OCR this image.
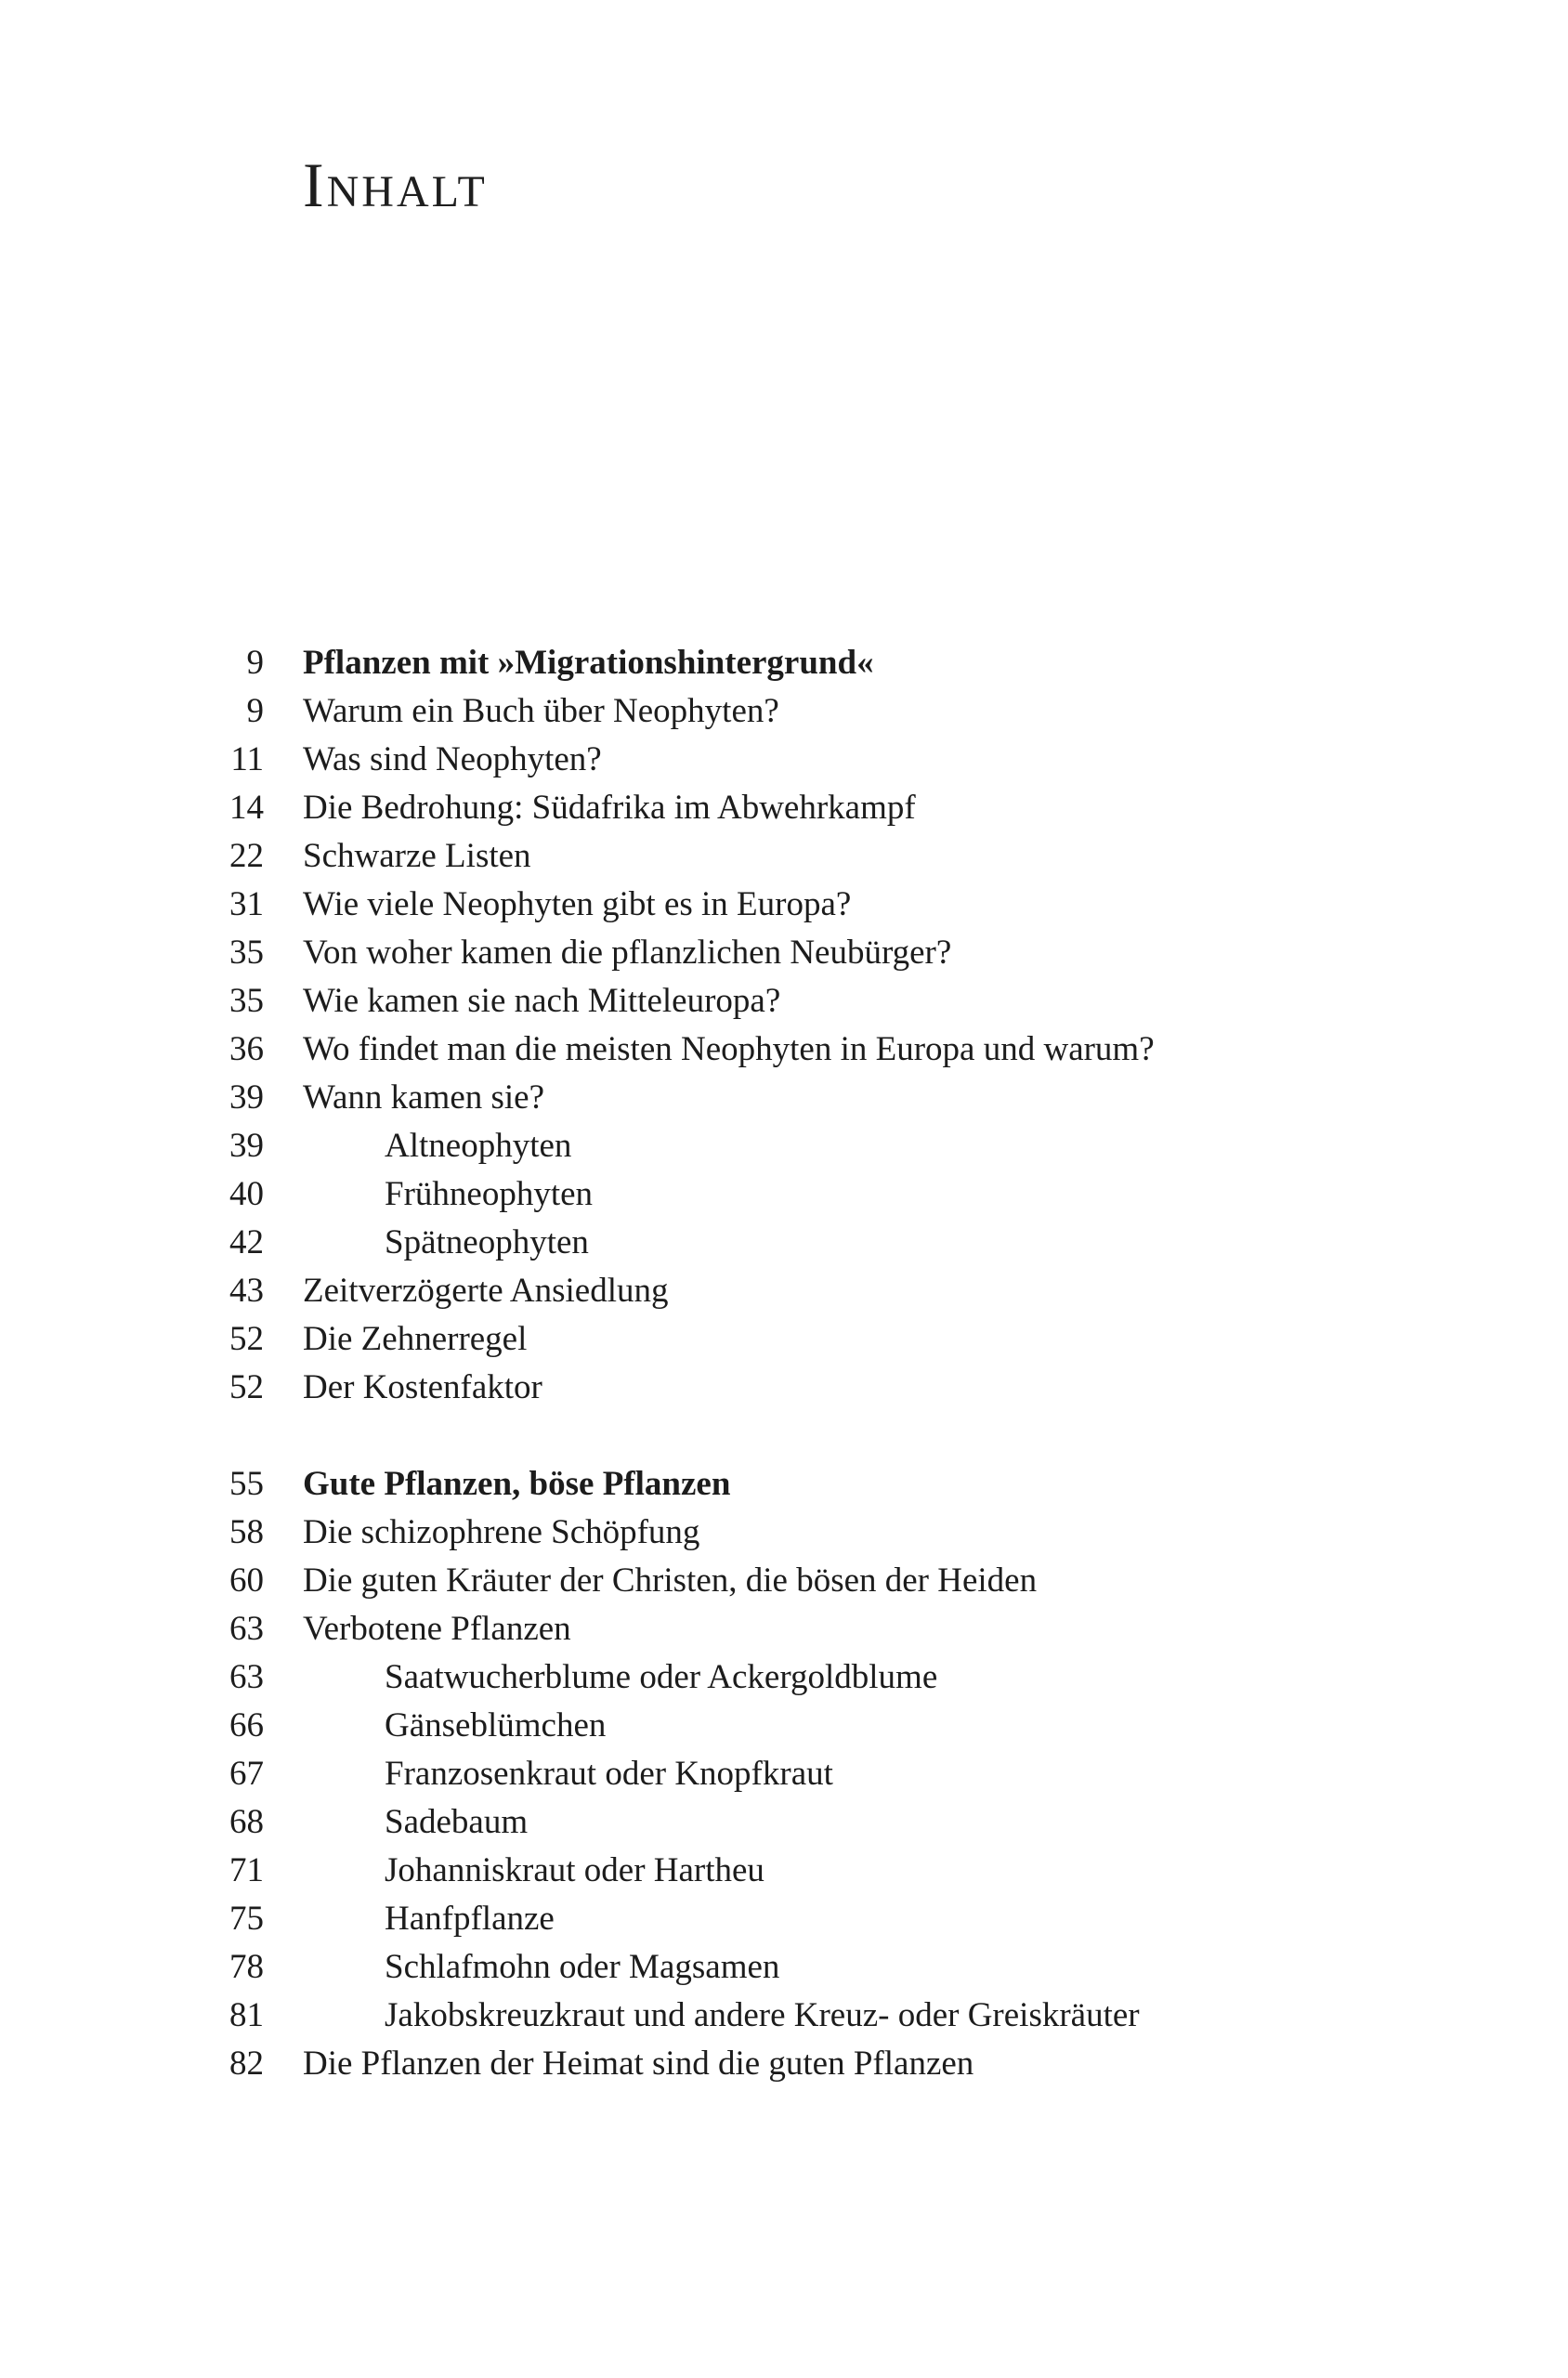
Inhalt
9 Pflanzen mit »Migrationshintergrund«
9 Warum ein Buch über Neophyten?
11 Was sind Neophyten?
14 Die Bedrohung: Südafrika im Abwehrkampf
22 Schwarze Listen
31 Wie viele Neophyten gibt es in Europa?
35 Von woher kamen die pflanzlichen Neubürger?
35 Wie kamen sie nach Mitteleuropa?
36 Wo findet man die meisten Neophyten in Europa und warum?
39 Wann kamen sie?
39	Altneophyten
40	Frühneophyten
42	Spätneophyten
43 Zeitverzögerte Ansiedlung
52 Die Zehnerregel
52 Der Kostenfaktor
55 Gute Pflanzen, böse Pflanzen
58 Die schizophrene Schöpfung
60 Die guten Kräuter der Christen, die bösen der Heiden
63 Verbotene Pflanzen
63	Saatwucherblume oder Ackergoldblume
66	Gänseblümchen
67	Franzosenkraut oder Knopfkraut
68	Sadebaum
71	Johanniskraut oder Hartheu
75	Hanfpflanze
78	Schlafmohn oder Magsamen
81	Jakobskreuzkraut und andere Kreuz- oder Greiskräuter
82 Die Pflanzen der Heimat sind die guten Pflanzen
